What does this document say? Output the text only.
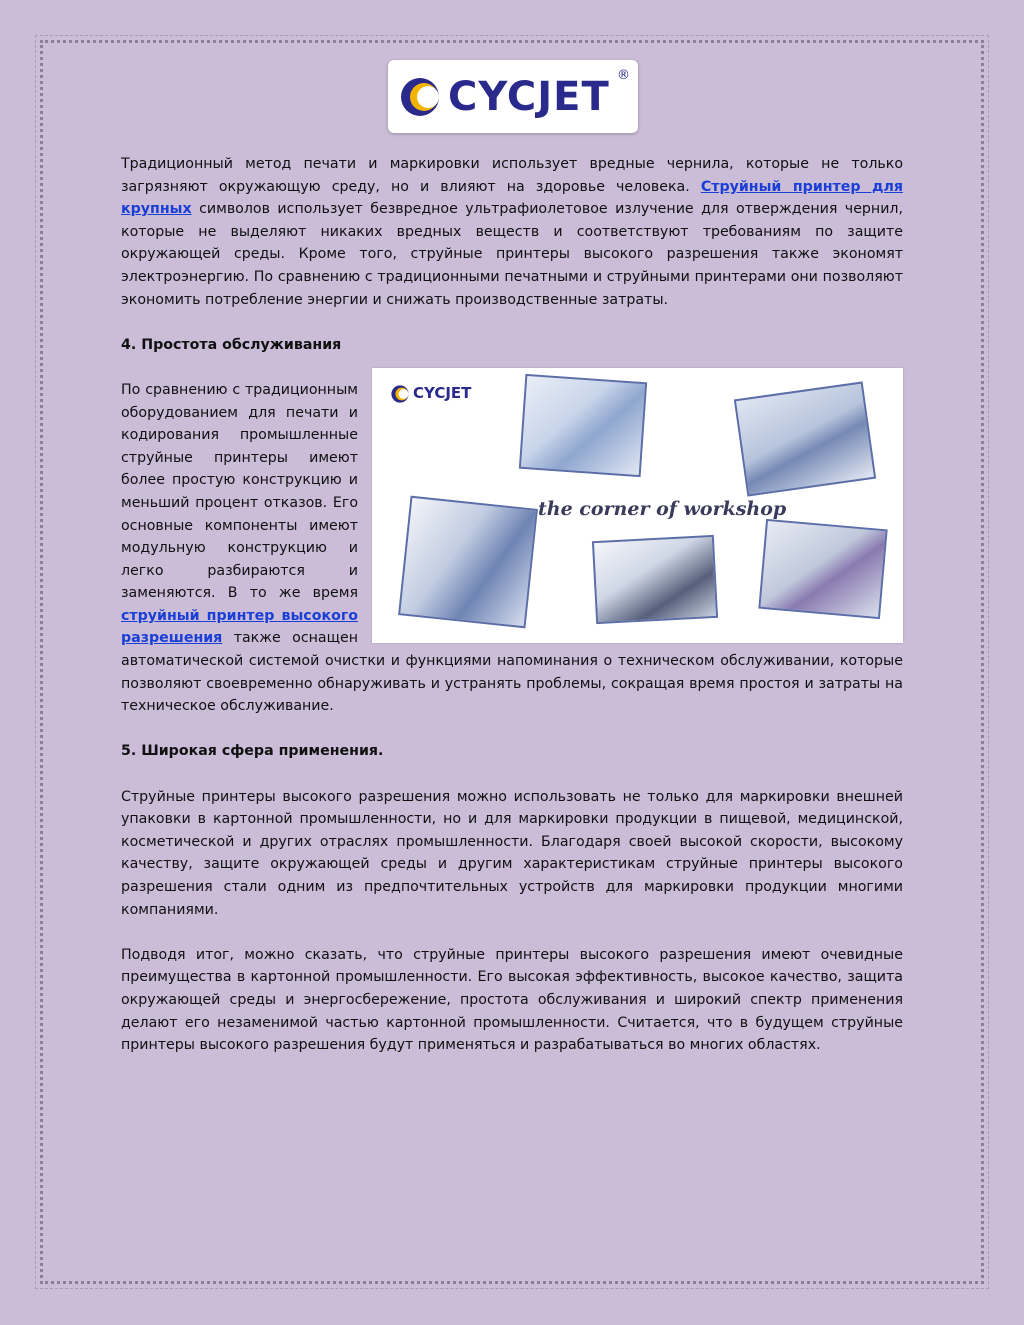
CYCJET ®

Традиционный метод печати и маркировки использует вредные чернила, которые не только загрязняют окружающую среду, но и влияют на здоровье человека. Струйный принтер для крупных символов использует безвредное ультрафиолетовое излучение для отверждения чернил, которые не выделяют никаких вредных веществ и соответствуют требованиям по защите окружающей среды. Кроме того, струйные принтеры высокого разрешения также экономят электроэнергию. По сравнению с традиционными печатными и струйными принтерами они позволяют экономить потребление энергии и снижать производственные затраты.

4. Простота обслуживания
CYCJET
the corner of workshop

По сравнению с традиционным оборудованием для печати и кодирования промышленные струйные принтеры имеют более простую конструкцию и меньший процент отказов. Его основные компоненты имеют модульную конструкцию и легко разбираются и заменяются. В то же время струйный принтер высокого разрешения также оснащен автоматической системой очистки и функциями напоминания о техническом обслуживании, которые позволяют своевременно обнаруживать и устранять проблемы, сокращая время простоя и затраты на техническое обслуживание.

5. Широкая сфера применения.

Струйные принтеры высокого разрешения можно использовать не только для маркировки внешней упаковки в картонной промышленности, но и для маркировки продукции в пищевой, медицинской, косметической и других отраслях промышленности. Благодаря своей высокой скорости, высокому качеству, защите окружающей среды и другим характеристикам струйные принтеры высокого разрешения стали одним из предпочтительных устройств для маркировки продукции многими компаниями.

Подводя итог, можно сказать, что струйные принтеры высокого разрешения имеют очевидные преимущества в картонной промышленности. Его высокая эффективность, высокое качество, защита окружающей среды и энергосбережение, простота обслуживания и широкий спектр применения делают его незаменимой частью картонной промышленности. Считается, что в будущем струйные принтеры высокого разрешения будут применяться и разрабатываться во многих областях.
